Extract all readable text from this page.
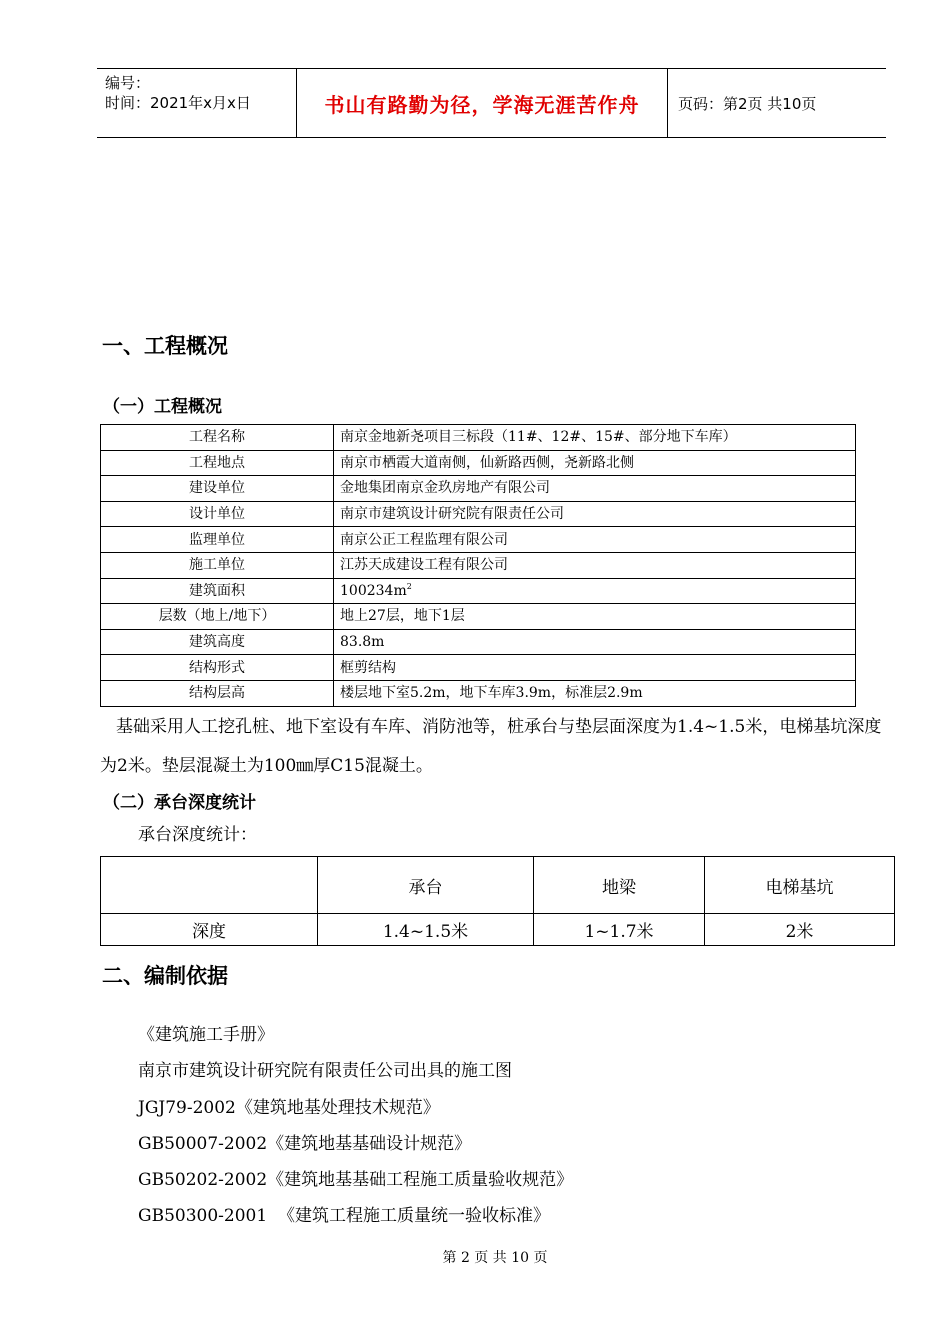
编号：
时间：2021年x月x日	书山有路勤为径，学海无涯苦作舟	页码：第2页 共10页
一、工程概况
（一）工程概况
工程名称	南京金地新尧项目三标段（11#、12#、15#、部分地下车库）
工程地点	南京市栖霞大道南侧，仙新路西侧，尧新路北侧
建设单位	金地集团南京金玖房地产有限公司
设计单位	南京市建筑设计研究院有限责任公司
监理单位	南京公正工程监理有限公司
施工单位	江苏天成建设工程有限公司
建筑面积	$100234m^2$
层数（地上/地下）	地上27层，地下1层
建筑高度	83.8m
结构形式	框剪结构
结构层高	楼层地下室5.2m，地下车库3.9m，标准层2.9m
基础采用人工挖孔桩、地下室设有车库、消防池等，桩承台与垫层面深度为1.4~1.5米，电梯基坑深度为2米。垫层混凝土为100㎜厚C15混凝土。
（二）承台深度统计
承台深度统计：
	承台	地梁	电梯基坑
深度	1.4~1.5米	1~1.7米	2米
二、编制依据
《建筑施工手册》
南京市建筑设计研究院有限责任公司出具的施工图
JGJ79-2002《建筑地基处理技术规范》
GB50007-2002《建筑地基基础设计规范》
GB50202-2002《建筑地基基础工程施工质量验收规范》
GB50300-2001  《建筑工程施工质量统一验收标准》
第 2 页 共 10 页
